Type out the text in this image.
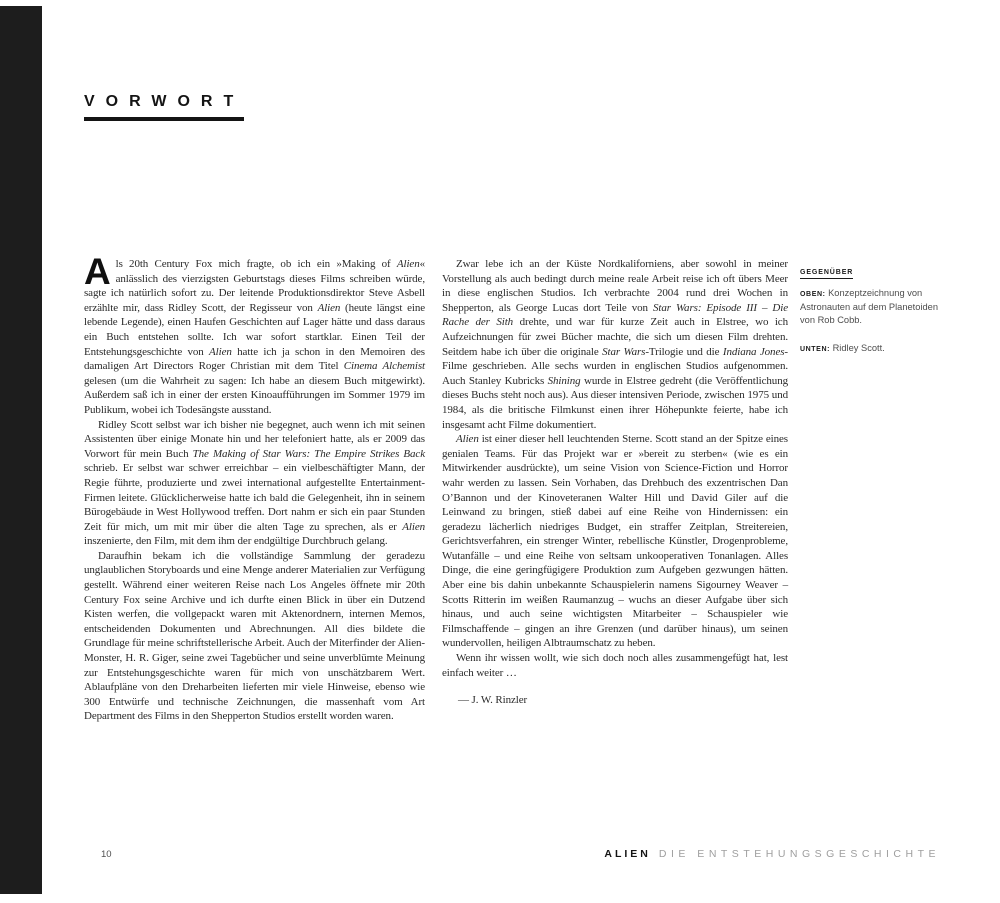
VORWORT

Als 20th Century Fox mich fragte, ob ich ein »Making of Alien« anlässlich des vierzigsten Geburtstags dieses Films schreiben würde, sagte ich natürlich sofort zu. Der leitende Produktionsdirektor Steve Asbell erzählte mir, dass Ridley Scott, der Regisseur von Alien (heute längst eine lebende Legende), einen Haufen Geschichten auf Lager hätte und dass daraus ein Buch entstehen sollte. Ich war sofort startklar. Einen Teil der Entstehungsgeschichte von Alien hatte ich ja schon in den Memoiren des damaligen Art Directors Roger Christian mit dem Titel Cinema Alchemist gelesen (um die Wahrheit zu sagen: Ich habe an diesem Buch mitgewirkt). Außerdem saß ich in einer der ersten Kinoaufführungen im Sommer 1979 im Publikum, wobei ich Todesängste ausstand.

Ridley Scott selbst war ich bisher nie begegnet, auch wenn ich mit seinen Assistenten über einige Monate hin und her telefoniert hatte, als er 2009 das Vorwort für mein Buch The Making of Star Wars: The Empire Strikes Back schrieb. Er selbst war schwer erreichbar – ein vielbeschäftigter Mann, der Regie führte, produzierte und zwei international aufgestellte Entertainment-Firmen leitete. Glücklicherweise hatte ich bald die Gelegenheit, ihn in seinem Bürogebäude in West Hollywood treffen. Dort nahm er sich ein paar Stunden Zeit für mich, um mit mir über die alten Tage zu sprechen, als er Alien inszenierte, den Film, mit dem ihm der endgültige Durchbruch gelang.

Daraufhin bekam ich die vollständige Sammlung der geradezu unglaublichen Storyboards und eine Menge anderer Materialien zur Verfügung gestellt. Während einer weiteren Reise nach Los Angeles öffnete mir 20th Century Fox seine Archive und ich durfte einen Blick in über ein Dutzend Kisten werfen, die vollgepackt waren mit Aktenordnern, internen Memos, entscheidenden Dokumenten und Abrechnungen. All dies bildete die Grundlage für meine schriftstellerische Arbeit. Auch der Miterfinder der Alien-Monster, H. R. Giger, seine zwei Tagebücher und seine unverblümte Meinung zur Entstehungsgeschichte waren für mich von unschätzbarem Wert. Ablaufpläne von den Dreharbeiten lieferten mir viele Hinweise, ebenso wie 300 Entwürfe und technische Zeichnungen, die massenhaft vom Art Department des Films in den Shepperton Studios erstellt worden waren.

Zwar lebe ich an der Küste Nordkaliforniens, aber sowohl in meiner Vorstellung als auch bedingt durch meine reale Arbeit reise ich oft übers Meer in diese englischen Studios. Ich verbrachte 2004 rund drei Wochen in Shepperton, als George Lucas dort Teile von Star Wars: Episode III – Die Rache der Sith drehte, und war für kurze Zeit auch in Elstree, wo ich Aufzeichnungen für zwei Bücher machte, die sich um diesen Film drehten. Seitdem habe ich über die originale Star Wars-Trilogie und die Indiana Jones-Filme geschrieben. Alle sechs wurden in englischen Studios aufgenommen. Auch Stanley Kubricks Shining wurde in Elstree gedreht (die Veröffentlichung dieses Buchs steht noch aus). Aus dieser intensiven Periode, zwischen 1975 und 1984, als die britische Filmkunst einen ihrer Höhepunkte feierte, habe ich insgesamt acht Filme dokumentiert.

Alien ist einer dieser hell leuchtenden Sterne. Scott stand an der Spitze eines genialen Teams. Für das Projekt war er »bereit zu sterben« (wie es ein Mitwirkender ausdrückte), um seine Vision von Science-Fiction und Horror wahr werden zu lassen. Sein Vorhaben, das Drehbuch des exzentrischen Dan O’Bannon und der Kinoveteranen Walter Hill und David Giler auf die Leinwand zu bringen, stieß dabei auf eine Reihe von Hindernissen: ein geradezu lächerlich niedriges Budget, ein straffer Zeitplan, Streitereien, Gerichtsverfahren, ein strenger Winter, rebellische Künstler, Drogenprobleme, Wutanfälle – und eine Reihe von seltsam unkooperativen Tonanlagen. Alles Dinge, die eine geringfügigere Produktion zum Aufgeben gezwungen hätten. Aber eine bis dahin unbekannte Schauspielerin namens Sigourney Weaver – Scotts Ritterin im weißen Raumanzug – wuchs an dieser Aufgabe über sich hinaus, und auch seine wichtigsten Mitarbeiter – Schauspieler wie Filmschaffende – gingen an ihre Grenzen (und darüber hinaus), um seinen wundervollen, heiligen Albtraumschatz zu heben.

Wenn ihr wissen wollt, wie sich doch noch alles zusammengefügt hat, lest einfach weiter …

— J. W. Rinzler

GEGENÜBER

OBEN: Konzeptzeichnung von Astronauten auf dem Planetoiden von Rob Cobb.

UNTEN: Ridley Scott.

10	ALIEN DIE ENTSTEHUNGSGESCHICHTE
